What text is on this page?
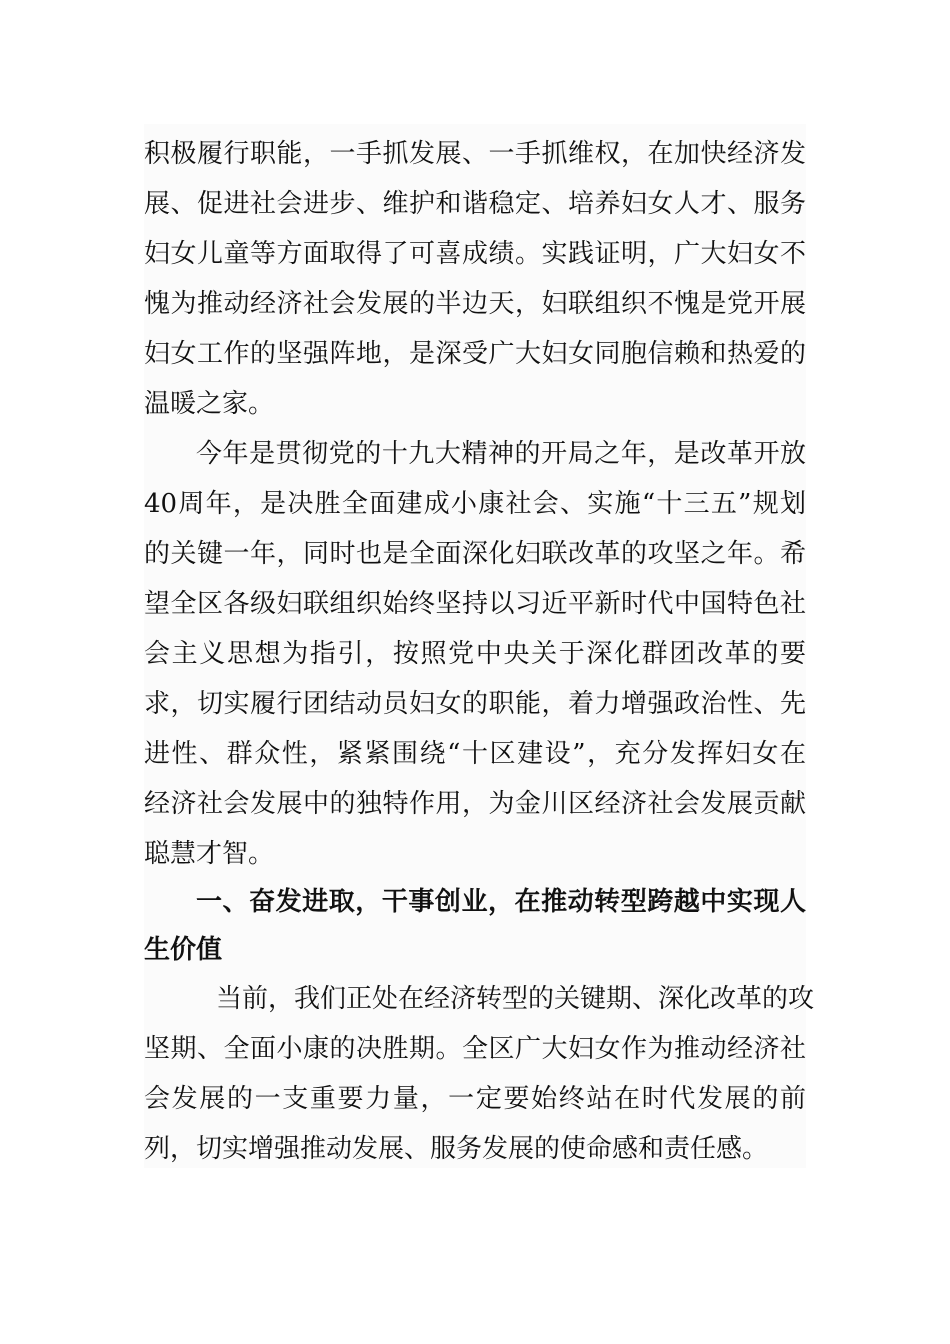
积极履行职能，一手抓发展、一手抓维权，在加快经济发
展、促进社会进步、维护和谐稳定、培养妇女人才、服务
妇女儿童等方面取得了可喜成绩。实践证明，广大妇女不
愧为推动经济社会发展的半边天，妇联组织不愧是党开展
妇女工作的坚强阵地，是深受广大妇女同胞信赖和热爱的
温暖之家。
今年是贯彻党的十九大精神的开局之年，是改革开放
40周年，是决胜全面建成小康社会、实施“十三五”规划
的关键一年，同时也是全面深化妇联改革的攻坚之年。希
望全区各级妇联组织始终坚持以习近平新时代中国特色社
会主义思想为指引，按照党中央关于深化群团改革的要
求，切实履行团结动员妇女的职能，着力增强政治性、先
进性、群众性，紧紧围绕“十区建设”，充分发挥妇女在
经济社会发展中的独特作用，为金川区经济社会发展贡献
聪慧才智。
一、奋发进取，干事创业，在推动转型跨越中实现人
生价值
当前，我们正处在经济转型的关键期、深化改革的攻
坚期、全面小康的决胜期。全区广大妇女作为推动经济社
会发展的一支重要力量，一定要始终站在时代发展的前
列，切实增强推动发展、服务发展的使命感和责任感。
